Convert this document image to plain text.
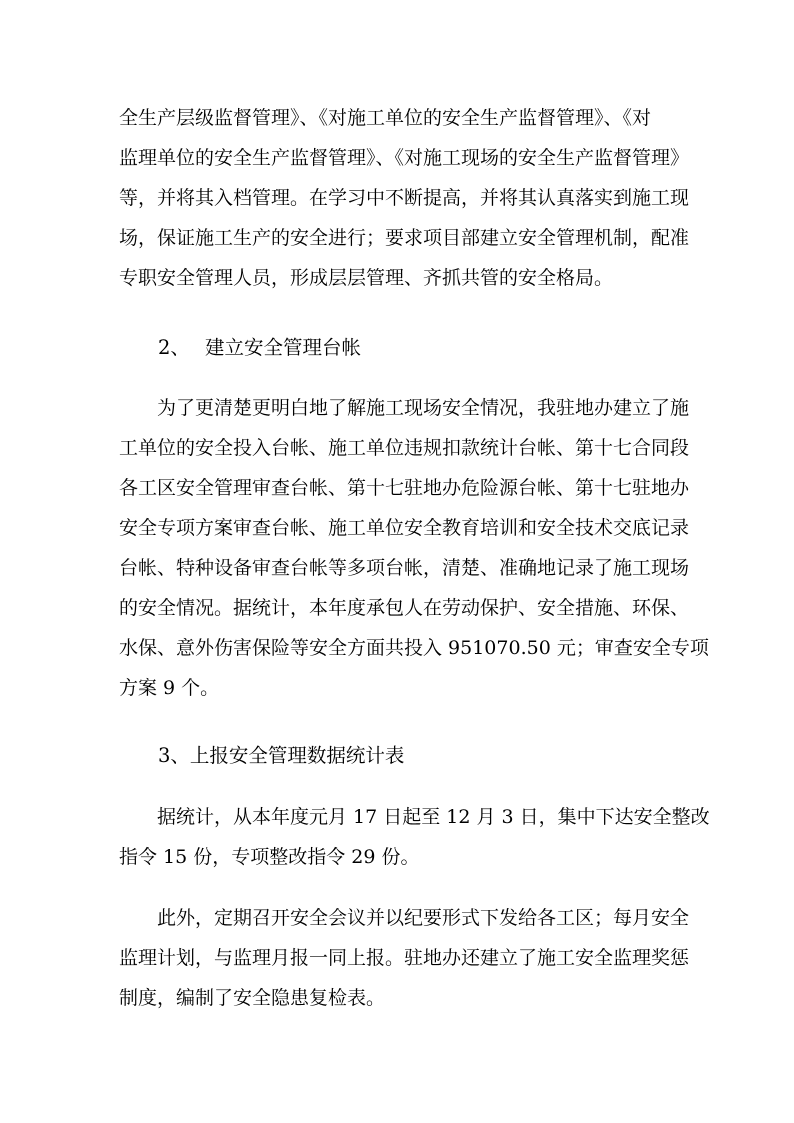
全生产层级监督管理》、《对施工单位的安全生产监督管理》、《对
监理单位的安全生产监督管理》、《对施工现场的安全生产监督管理》
等，并将其入档管理。在学习中不断提高，并将其认真落实到施工现
场，保证施工生产的安全进行；要求项目部建立安全管理机制，配准
专职安全管理人员，形成层层管理、齐抓共管的安全格局。
2、 建立安全管理台帐
为了更清楚更明白地了解施工现场安全情况，我驻地办建立了施
工单位的安全投入台帐、施工单位违规扣款统计台帐、第十七合同段
各工区安全管理审查台帐、第十七驻地办危险源台帐、第十七驻地办
安全专项方案审查台帐、施工单位安全教育培训和安全技术交底记录
台帐、特种设备审查台帐等多项台帐，清楚、准确地记录了施工现场
的安全情况。据统计，本年度承包人在劳动保护、安全措施、环保、
水保、意外伤害保险等安全方面共投入 951070.50 元；审查安全专项
方案 9 个。
3、上报安全管理数据统计表
据统计，从本年度元月 17 日起至 12 月 3 日，集中下达安全整改
指令 15 份，专项整改指令 29 份。
此外，定期召开安全会议并以纪要形式下发给各工区；每月安全
监理计划，与监理月报一同上报。驻地办还建立了施工安全监理奖惩
制度，编制了安全隐患复检表。
